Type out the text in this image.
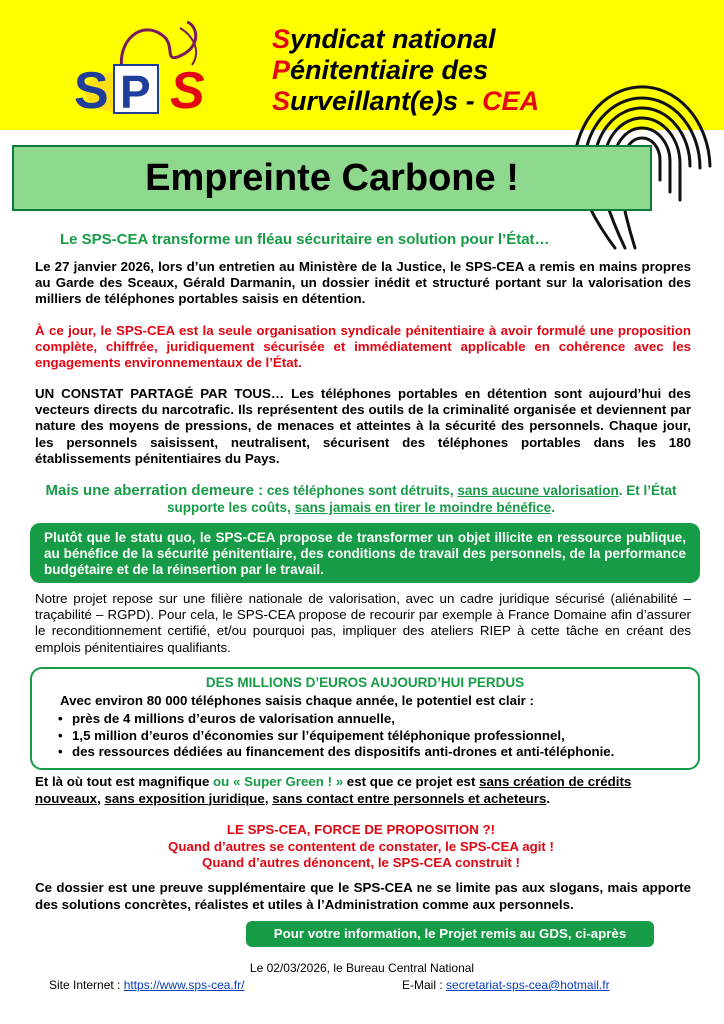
S P S
Syndicat national
Pénitentiaire des
Surveillant(e)s - CEA
Empreinte Carbone !
Le SPS-CEA transforme un fléau sécuritaire en solution pour l’État…
Le 27 janvier 2026, lors d’un entretien au Ministère de la Justice, le SPS-CEA a remis en mains propres au Garde des Sceaux, Gérald Darmanin, un dossier inédit et structuré portant sur la valorisation des milliers de téléphones portables saisis en détention.
À ce jour, le SPS-CEA est la seule organisation syndicale pénitentiaire à avoir formulé une proposition complète, chiffrée, juridiquement sécurisée et immédiatement applicable en cohérence avec les engagements environnementaux de l’État.
UN CONSTAT PARTAGÉ PAR TOUS… Les téléphones portables en détention sont aujourd’hui des vecteurs directs du narcotrafic. Ils représentent des outils de la criminalité organisée et deviennent par nature des moyens de pressions, de menaces et atteintes à la sécurité des personnels. Chaque jour, les personnels saisissent, neutralisent, sécurisent des téléphones portables dans les 180 établissements pénitentiaires du Pays.
Mais une aberration demeure : ces téléphones sont détruits, sans aucune valorisation. Et l’État supporte les coûts, sans jamais en tirer le moindre bénéfice.
Plutôt que le statu quo, le SPS-CEA propose de transformer un objet illicite en ressource publique, au bénéfice de la sécurité pénitentiaire, des conditions de travail des personnels, de la performance budgétaire et de la réinsertion par le travail.
Notre projet repose sur une filière nationale de valorisation, avec un cadre juridique sécurisé (aliénabilité – traçabilité – RGPD). Pour cela, le SPS-CEA propose de recourir par exemple à France Domaine afin d’assurer le reconditionnement certifié, et/ou pourquoi pas, impliquer des ateliers RIEP à cette tâche en créant des emplois pénitentiaires qualifiants.
DES MILLIONS D’EUROS AUJOURD’HUI PERDUS
Avec environ 80 000 téléphones saisis chaque année, le potentiel est clair :
• près de 4 millions d’euros de valorisation annuelle,
• 1,5 million d’euros d’économies sur l’équipement téléphonique professionnel,
• des ressources dédiées au financement des dispositifs anti-drones et anti-téléphonie.
Et là où tout est magnifique ou « Super Green ! » est que ce projet est sans création de crédits nouveaux, sans exposition juridique, sans contact entre personnels et acheteurs.
LE SPS-CEA, FORCE DE PROPOSITION ?!
Quand d’autres se contentent de constater, le SPS-CEA agit !
Quand d’autres dénoncent, le SPS-CEA construit !
Ce dossier est une preuve supplémentaire que le SPS-CEA ne se limite pas aux slogans, mais apporte des solutions concrètes, réalistes et utiles à l’Administration comme aux personnels.
Pour votre information, le Projet remis au GDS, ci-après
Le 02/03/2026, le Bureau Central National
Site Internet : https://www.sps-cea.fr/	E-Mail : secretariat-sps-cea@hotmail.fr
